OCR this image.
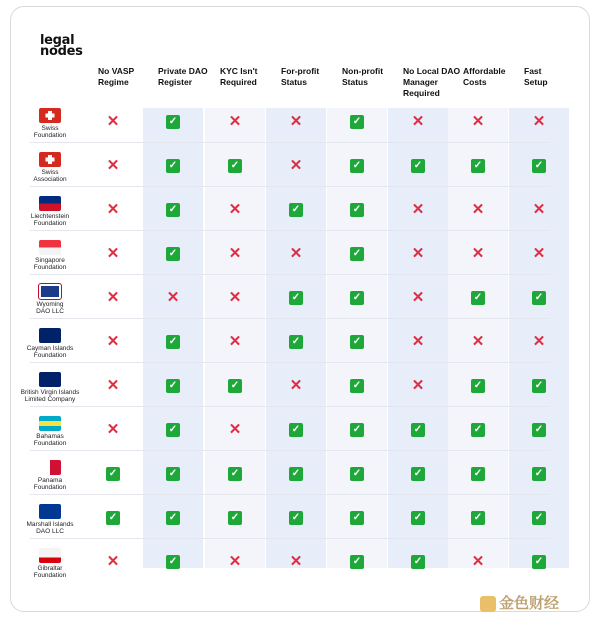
legal
nodes
No VASP
Regime
Private DAO
Register
KYC Isn't
Required
For-profit
Status
Non-profit
Status
No Local DAO
Manager
Required
Affordable
Costs
Fast
Setup
Swiss
Foundation
✕	✓	✕	✕	✓	✕	✕	✕
Swiss
Association
✕	✓	✓	✕	✓	✓	✓	✓
Liechtenstein
Foundation
✕	✓	✕	✓	✓	✕	✕	✕
Singapore
Foundation
✕	✓	✕	✕	✓	✕	✕	✕
Wyoming
DAO LLC
✕	✕	✕	✓	✓	✕	✓	✓
Cayman Islands
Foundation
✕	✓	✕	✓	✓	✕	✕	✕
British Virgin Islands
Limited Company
✕	✓	✓	✕	✓	✕	✓	✓
Bahamas
Foundation
✕	✓	✕	✓	✓	✓	✓	✓
Panama
Foundation
✓	✓	✓	✓	✓	✓	✓	✓
Marshall Islands
DAO LLC
✓	✓	✓	✓	✓	✓	✓	✓
Gibraltar
Foundation
✕	✓	✕	✕	✓	✓	✕	✓
金色财经
